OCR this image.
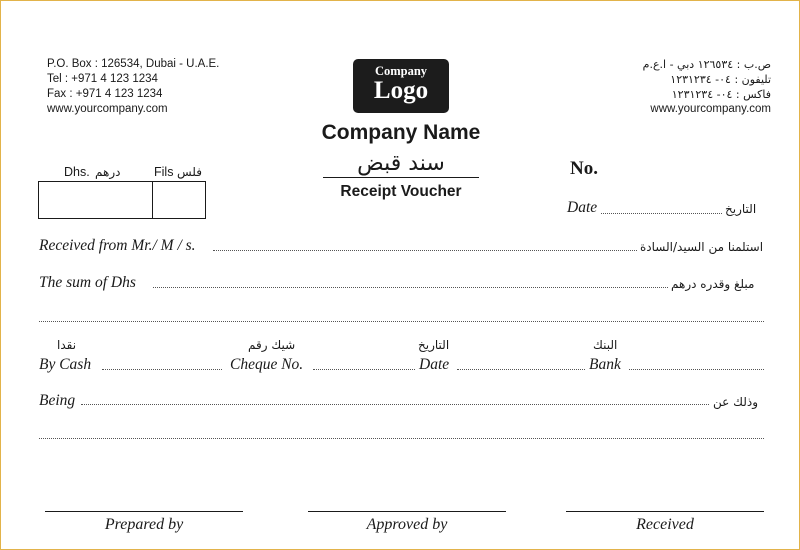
P.O. Box : 126534, Dubai - U.A.E.
Tel : +971 4 123 1234
Fax : +971 4 123 1234
www.yourcompany.com
ص.ب : ١٢٦٥٣٤ دبي - ا.ع.م
تليفون : ٠٤- ١٢٣١٢٣٤
فاكس : ٠٤- ١٢٣١٢٣٤
www.yourcompany.com
Company
Logo
Company Name
سند قبض
Receipt Voucher
Dhs. درهم	Fils فلس	No.
Date	التاريخ
Received from Mr./ M / s.	استلمنا من السيد/السادة
The sum of Dhs	مبلغ وقدره درهم
نقدا	شيك رقم	التاريخ	البنك
By Cash	Cheque No.	Date	Bank
Being	وذلك عن
Prepared by	Approved by	Received
